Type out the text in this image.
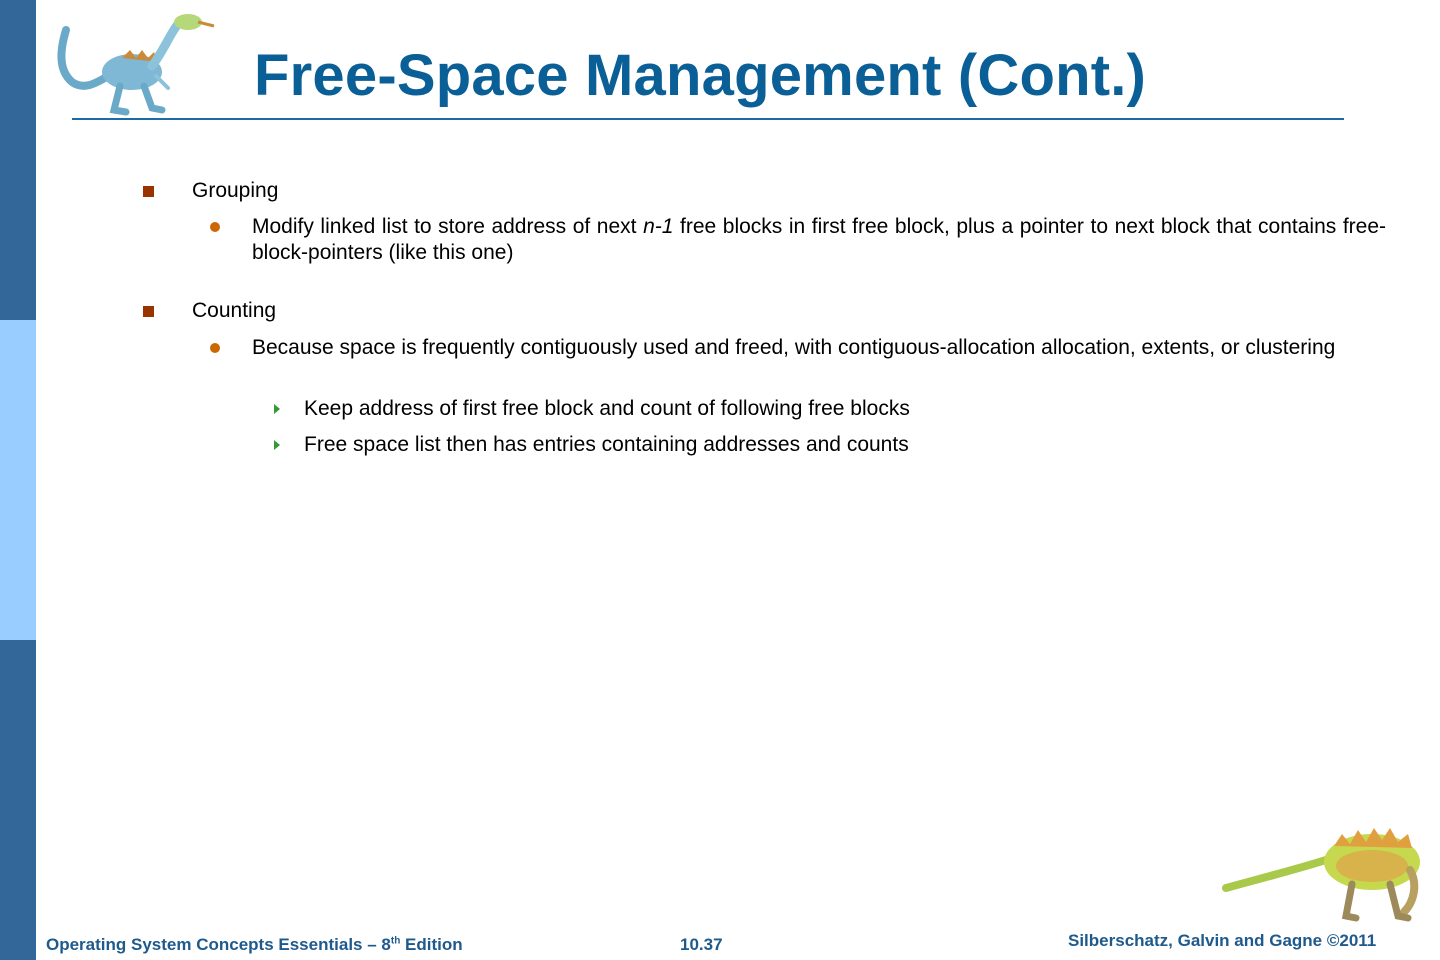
Free-Space Management (Cont.)
Grouping
Modify linked list to store address of next n-1 free blocks in first free block, plus a pointer to next block that contains free-block-pointers (like this one)
Counting
Because space is frequently contiguously used and freed, with contiguous-allocation allocation, extents, or clustering
Keep address of first free block and count of following free blocks
Free space list then has entries containing addresses and counts
Operating System Concepts Essentials – 8th Edition	10.37	Silberschatz, Galvin and Gagne ©2011
